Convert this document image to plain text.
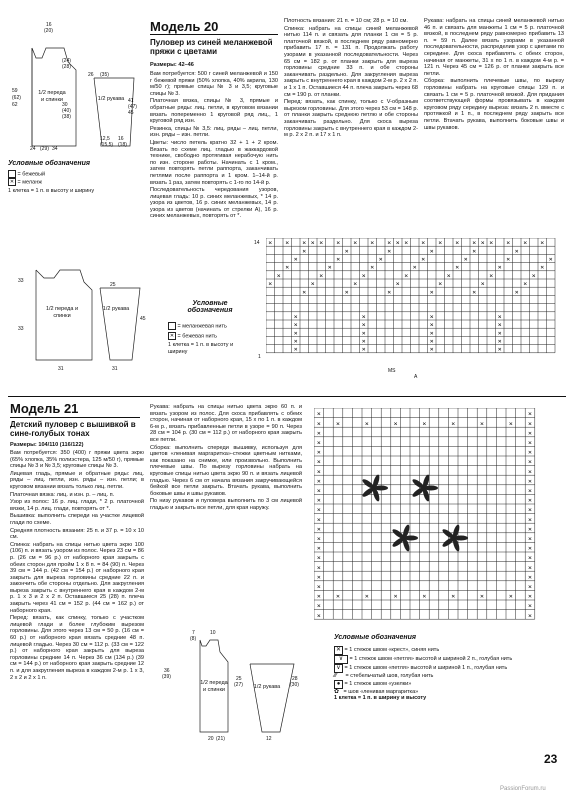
1/2 переда и спинки	1/2 рукава
16
(20)
(24)
(28)
59
(62)
62	30
(40)
(38)
26 (35)
24 (29) 34
41
(47)
45
12,5
(15,5)
16
(18)
Условные обозначения
= бежевый
✕ = меланж
1 клетка = 1 п. в высоту и ширину
Модель 20
Пуловер из синей меланжевой пряжи с цветами
Размеры: 42–46

Вам потребуется: 500 г синей меланжевой и 150 г бежевой пряжи (50% хлопка, 40% акрила, 130 м/50 г); прямые спицы № 3 и 3,5; круговые спицы № 3.

Платочная вязка, спицы № 3, прямые и обратные ряды: лиц. петли, в круговом вязании вязать попеременно 1 круговой ряд лиц., 1 круговой ряд изн.

Резинка, спицы № 3,5: лиц. ряды – лиц. петли, изн. ряды – изн. петли.

Цветы: число петель кратно 32 + 1 + 2 кром. Вязать по схеме лиц. гладью в жаккардовой технике, свободно протягивая нерабочую нить по изн. стороне работы. Начинать с 1 кром., затем повторять петли раппорта, заканчивать петлями после раппорта и 1 кром. 1–14-й р. вязать 1 раз, затем повторять с 1-го по 14-й р.

Последовательность чередования узоров, лицевая гладь: 10 р. синих меланжевых, * 14 р. узора из цветов, 16 р. синих меланжевых, 14 р. узора из цветов (начинать от стрелки А), 16 р. синих меланжевых, повторять от *.

Плотность вязания: 21 п. = 10 см; 28 р. = 10 см.

Спинка: набрать на спицы синей меланжевой нитью 114 п. и связать для планки 1 см = 5 р. платочной вязкой, в последнем ряду равномерно прибавить 17 п. = 131 п. Продолжать работу узорами в указанной последовательности. Через 65 см = 182 р. от планки закрыть для выреза горловины средние 33 п. и обе стороны заканчивать раздельно. Для закругления выреза закрыть с внутреннего края в каждом 2-м р. 2 х 2 п. и 1 х 1 п. Оставшиеся 44 п. плеча закрыть через 68 см = 190 р. от планки.

Перед: вязать, как спинку, только с V-образным вырезом горловины. Для этого через 53 см = 148 р. от планки закрыть среднюю петлю и обе стороны заканчивать раздельно. Для скоса выреза горловины закрыть с внутреннего края в каждом 2-м р. 2 х 2 п. и 17 х 1 п.

Рукава: набрать на спицы синей меланжевой нитью 46 п. и связать для манжеты 1 см = 5 р. платочной вязкой, в последнем ряду равномерно прибавить 13 п. = 59 п. Далее вязать узорами в указанной последовательности, распределив узор с цветами по середине. Для скоса прибавлять с обеих сторон, начиная от манжеты, 31 х по 1 п. в каждом 4-м р. = 121 п. Через 45 см = 126 р. от планки закрыть все петли.

Сборка: выполнить плечевые швы, по вырезу горловины набрать на круговые спицы 129 п. и связать 1 см = 5 р. платочной вязкой. Для придания соответствующей формы провязывать в каждом круговом ряду середину выреза: вязать 2 п. вместе с протяжкой и 1 п., в последнем ряду закрыть все петли. Втачать рукава, выполнить боковые швы и швы рукавов.

1/2 переда и спинки
1/2 рукава
33
33
31	31
45
25
Условные обозначения
= меланжевая нить
✕ = бежевая нить
1 клетка = 1 п. в высоту и ширину
✕	✕	✕ ✕ ✕	✕	✕	✕	✕ ✕ ✕	✕	✕	✕	✕ ✕ ✕	✕	✕	✕
✕	✕	✕	✕	✕	✕
✕	✕	✕	✕	✕	✕	✕
✕	✕	✕	✕	✕	✕	✕
✕	✕	✕	✕	✕	✕	✕
✕	✕	✕	✕	✕	✕	✕
✕	✕	✕	✕	✕	✕
✕	✕	✕	✕
✕	✕	✕	✕
✕	✕	✕	✕
✕	✕	✕	✕
✕	✕	✕	✕
14
1
MS
A
Модель 21
Детский пуловер с вышивкой в сине-голубых тонах
Размеры: 104/110 (116/122)

Вам потребуется: 350 (400) г пряжи цвета экрю (65% хлопка, 35% полиэстера, 125 м/50 г), прямые спицы № 3 и № 3,5; круговые спицы № 3.

Лицевая гладь, прямые и обратные ряды: лиц. ряды – лиц. петли, изн. ряды – изн. петли; в круговом вязании вязать только лиц. петли.

Платочная вязка: лиц. и изн. р. – лиц. п.

Узор из полос: 16 р. лиц. глади, * 2 р. платочной вязки, 14 р. лиц. глади, повторять от *.

Вышивка: выполнить спереди на участке лицевой глади по схеме.

Средняя плотность вязания: 25 п. и 37 р. = 10 х 10 см.

Спинка: набрать на спицы нитью цвета экрю 100 (106) п. и вязать узором из полос. Через 23 см = 86 р. (26 см = 96 р.) от наборного края закрыть с обеих сторон для пройм 1 х 8 п. = 84 (90) п. Через 39 см = 144 р. (42 см = 154 р.) от наборного края закрыть для выреза горловины средние 22 п. и закончить обе стороны отдельно. Для закругления выреза закрыть с внутреннего края в каждом 2-м р. 1 х 3 и 2 х 2 п. Оставшиеся 25 (28) п. плеча закрыть через 41 см = 152 р. (44 см = 162 р.) от наборного края.

Перед: вязать, как спинку, только с участком лицевой глади и более глубоким вырезом горловины. Для этого через 13 см = 50 р. (16 см = 60 р.) от наборного края вязать средние 48 п. лицевой гладью. Через 30 см = 112 р. (33 см = 122 р.) от наборного края закрыть для выреза горловины средние 14 п. Через 36 см (134 р.) (39 см = 144 р.) от наборного края закрыть средние 12 п. и для закругления выреза в каждом 2-м р. 1 х 3, 2 х 2 и 2 х 1 п.

Рукава: набрать на спицы нитью цвета экрю 60 п. и вязать узором из полос. Для скоса прибавлять с обеих сторон, начиная от наборного края, 15 х по 1 п. в каждом 6-м р., вязать прибавленные петли в узоре = 90 п. Через 28 см = 104 р. (30 см = 112 р.) от наборного края закрыть все петли.

Сборка: выполнить спереди вышивку, используя для цветов «ленивая маргаритка»-стежки цветным нитками, как показано на снимке, или произвольно. Выполнить плечевые швы. По вырезу горловины набрать на круговые спицы нитью цвета экрю 90 п. и вязать лицевой гладью. Через 6 см от начала вязания закручивающейся бейкой все петли закрыть. Втачать рукава, выполнить боковые швы и швы рукавов.

По низу рукавов и пуловера выполнить по 3 см лицевой гладью и закрыть все петли, для края наружу.

1/2 переда и спинки	1/2 рукава
7
(8)
10
36
(39)	25
(27)
28
(30)
20 (21)	12
✕	✕
✕	✕
✕	✕
✕	✕
✕	✕
✕	✕
✕	✕
✕	✕
✕	✕
✕	✕
✕	✕
✕	✕
✕	✕
✕	✕
✕	✕
✕	✕
✕	✕
✕	✕
✕	✕
✕	✕
✕	✕
✕	✕
✕
✕
✕
✕
✕
✕
✕
✕
✕
✕
✕
✕
✕
✕
Условные обозначения
✕ = 1 стежок швом «крест», синяя нить
∨ = 1 стежок швом «петля» высотой и шириной 2 п., голубая нить
∨ = 1 стежок швом «петля» высотой и шириной 1 п., голубая нить
⁄⁄⁄ = стебельчатый шов, голубая нить
● = 1 стежок швом «узелки»
✿ = шов «ленивая маргаритка»
1 клетка = 1 п. в ширину и высоту
23
PassionForum.ru
